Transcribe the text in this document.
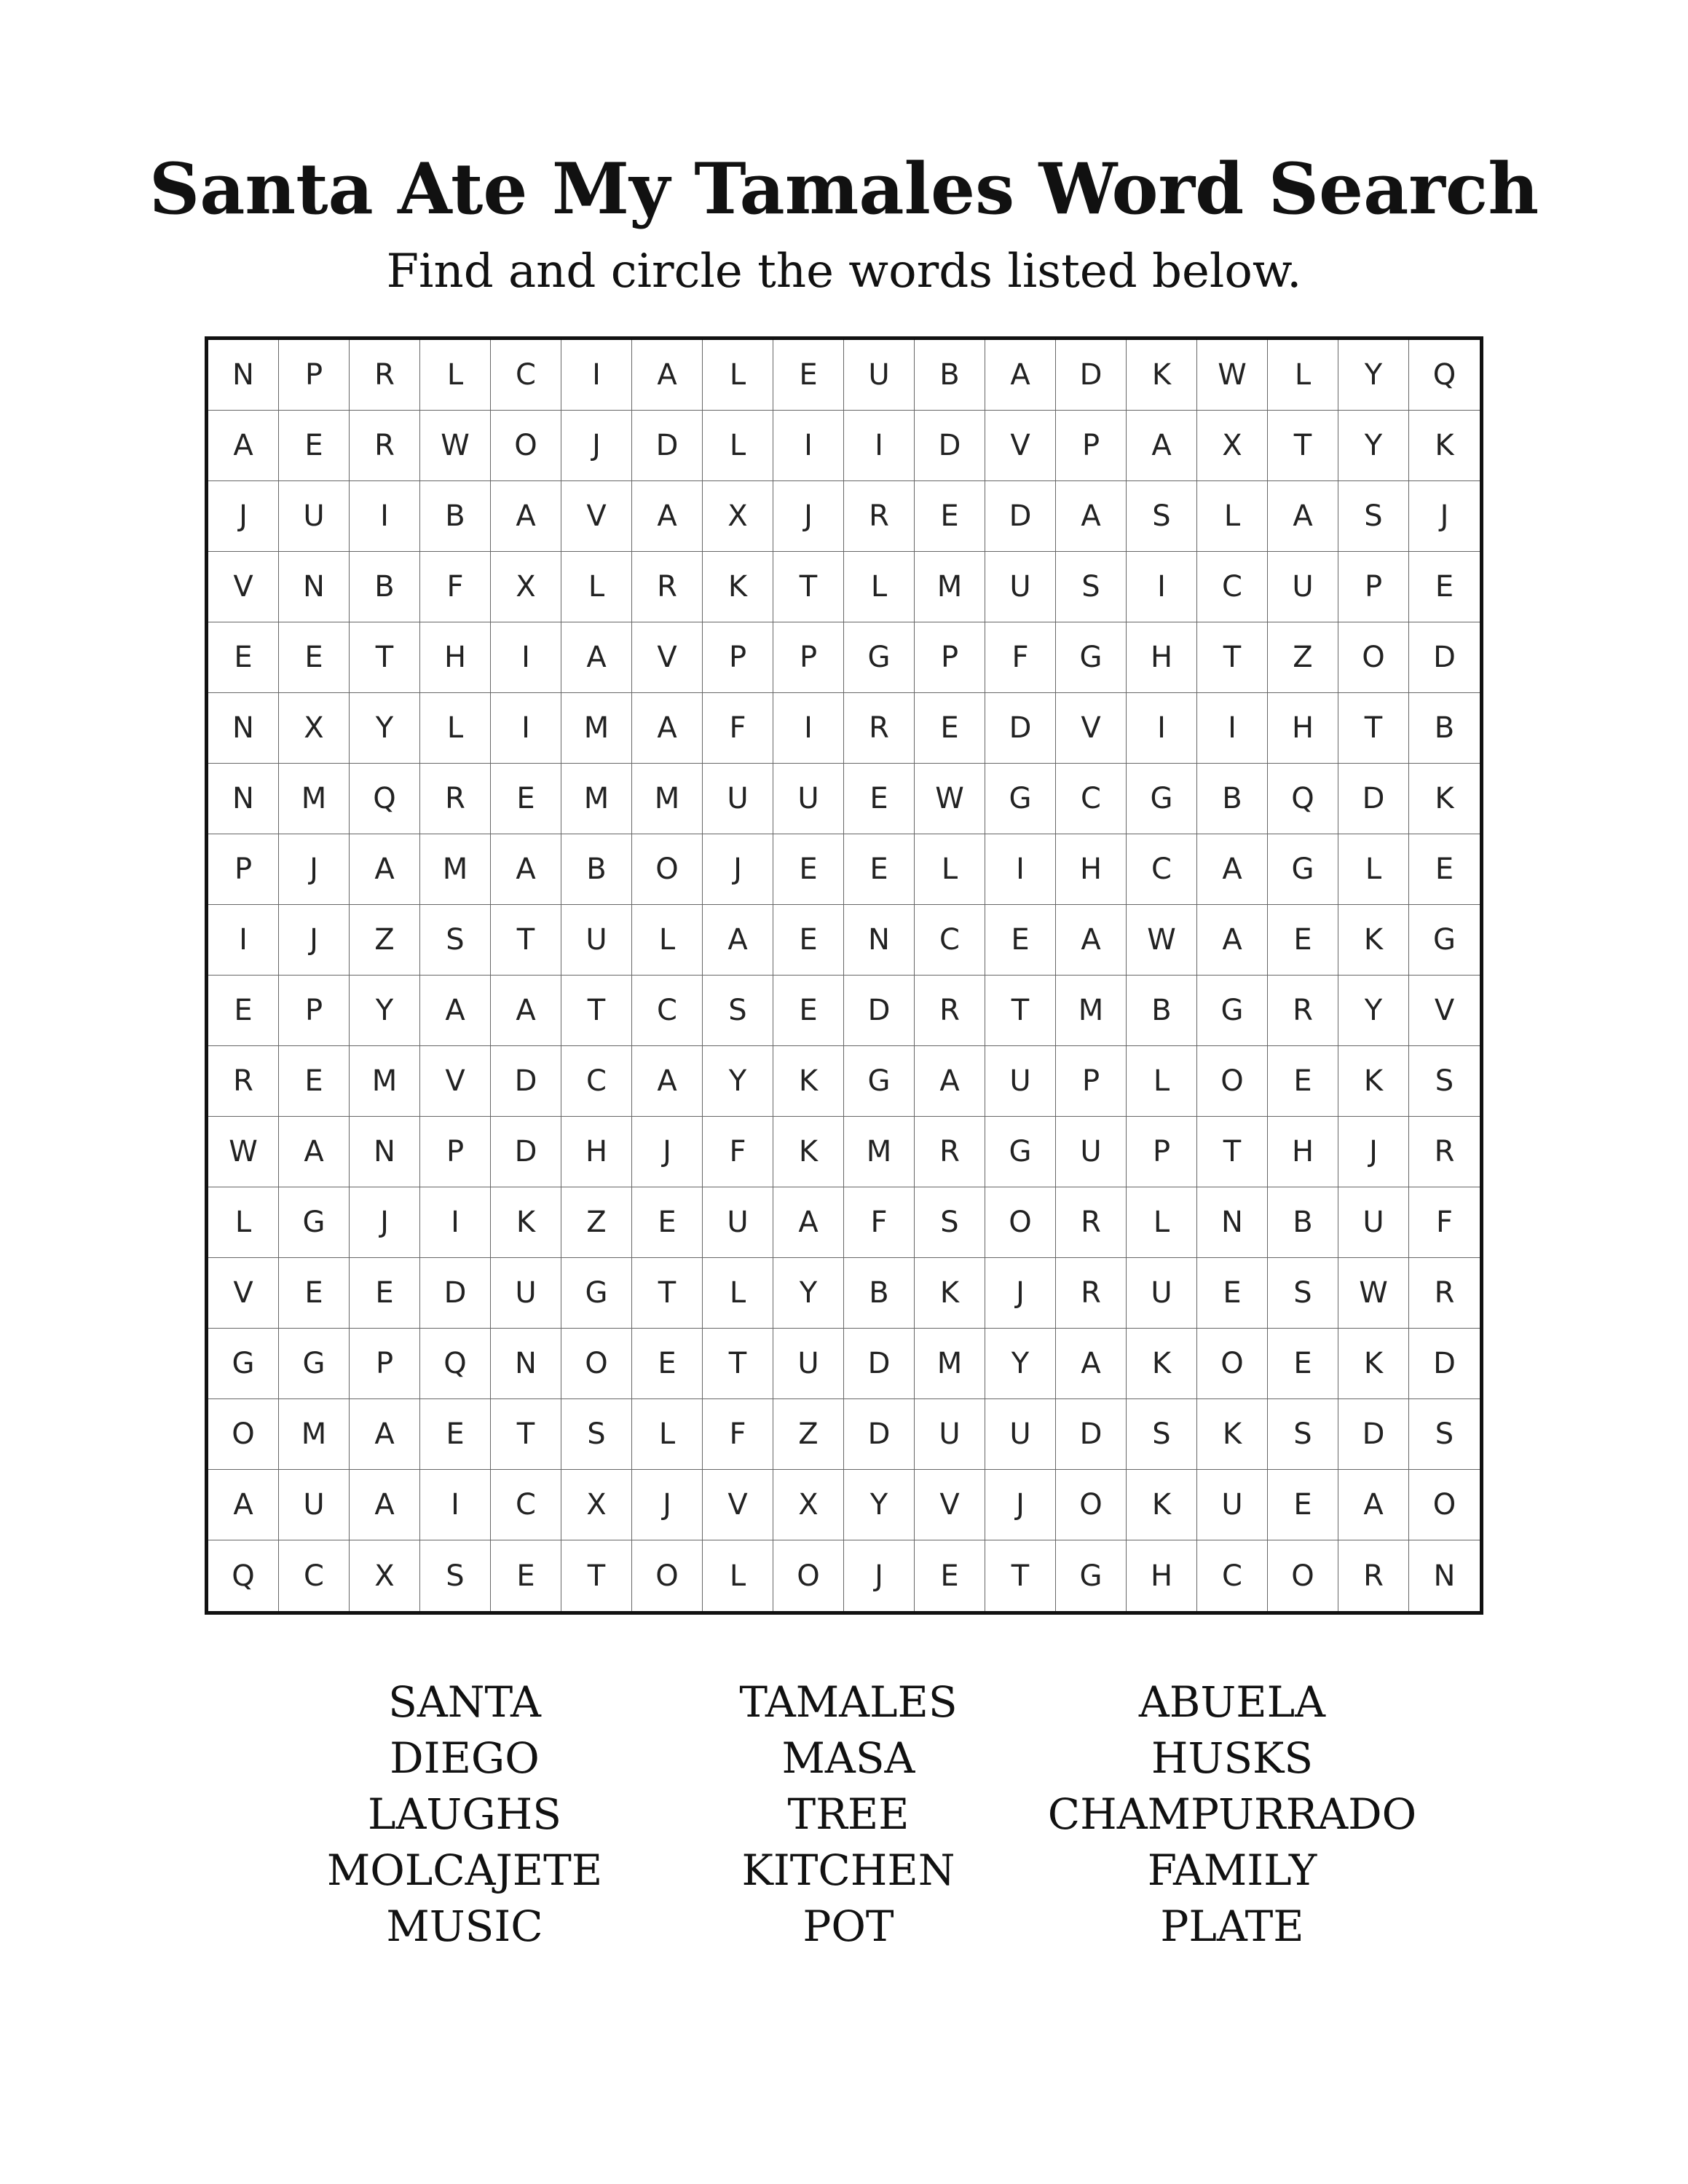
Santa Ate My Tamales Word Search

Find and circle the words listed below.

N	P	R	L	C	I	A	L	E	U	B	A	D	K	W	L	Y	Q
A	E	R	W	O	J	D	L	I	I	D	V	P	A	X	T	Y	K
J	U	I	B	A	V	A	X	J	R	E	D	A	S	L	A	S	J
V	N	B	F	X	L	R	K	T	L	M	U	S	I	C	U	P	E
E	E	T	H	I	A	V	P	P	G	P	F	G	H	T	Z	O	D
N	X	Y	L	I	M	A	F	I	R	E	D	V	I	I	H	T	B
N	M	Q	R	E	M	M	U	U	E	W	G	C	G	B	Q	D	K
P	J	A	M	A	B	O	J	E	E	L	I	H	C	A	G	L	E
I	J	Z	S	T	U	L	A	E	N	C	E	A	W	A	E	K	G
E	P	Y	A	A	T	C	S	E	D	R	T	M	B	G	R	Y	V
R	E	M	V	D	C	A	Y	K	G	A	U	P	L	O	E	K	S
W	A	N	P	D	H	J	F	K	M	R	G	U	P	T	H	J	R
L	G	J	I	K	Z	E	U	A	F	S	O	R	L	N	B	U	F
V	E	E	D	U	G	T	L	Y	B	K	J	R	U	E	S	W	R
G	G	P	Q	N	O	E	T	U	D	M	Y	A	K	O	E	K	D
O	M	A	E	T	S	L	F	Z	D	U	U	D	S	K	S	D	S
A	U	A	I	C	X	J	V	X	Y	V	J	O	K	U	E	A	O
Q	C	X	S	E	T	O	L	O	J	E	T	G	H	C	O	R	N
SANTA
DIEGO
LAUGHS
MOLCAJETE
MUSIC
TAMALES
MASA
TREE
KITCHEN
POT
ABUELA
HUSKS
CHAMPURRADO
FAMILY
PLATE
